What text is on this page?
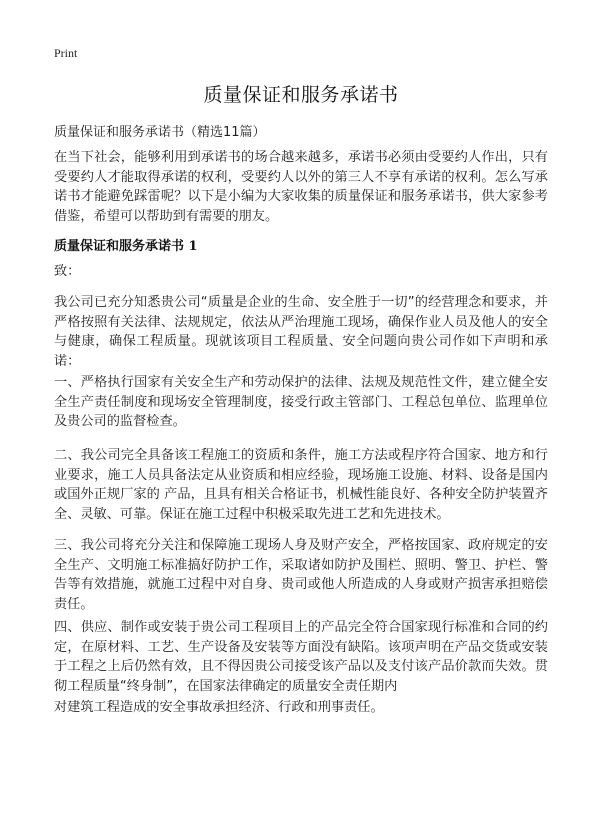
Print
质量保证和服务承诺书
质量保证和服务承诺书（精选11篇）

在当下社会，能够利用到承诺书的场合越来越多，承诺书必须由受要约人作出，只有受要约人才能取得承诺的权利，受要约人以外的第三人不享有承诺的权利。怎么写承诺书才能避免踩雷呢？以下是小编为大家收集的质量保证和服务承诺书，供大家参考借鉴，希望可以帮助到有需要的朋友。

质量保证和服务承诺书 1

致：

我公司已充分知悉贵公司“质量是企业的生命、安全胜于一切”的经营理念和要求，并严格按照有关法律、法规规定，依法从严治理施工现场，确保作业人员及他人的安全与健康，确保工程质量。现就该项目工程质量、安全问题向贵公司作如下声明和承诺：

一、严格执行国家有关安全生产和劳动保护的法律、法规及规范性文件，建立健全安全生产责任制度和现场安全管理制度，接受行政主管部门、工程总包单位、监理单位及贵公司的监督检查。

二、我公司完全具备该工程施工的资质和条件，施工方法或程序符合国家、地方和行业要求，施工人员具备法定从业资质和相应经验，现场施工设施、材料、设备是国内或国外正规厂家的 产品，且具有相关合格证书，机械性能良好、各种安全防护装置齐全、灵敏、可靠。保证在施工过程中积极采取先进工艺和先进技术。

三、我公司将充分关注和保障施工现场人身及财产安全，严格按国家、政府规定的安全生产、文明施工标准搞好防护工作，采取诸如防护及围栏、照明、警卫、护栏、警告等有效措施，就施工过程中对自身、贵司或他人所造成的人身或财产损害承担赔偿责任。

四、供应、制作或安装于贵公司工程项目上的产品完全符合国家现行标准和合同的约定，在原材料、工艺、生产设备及安装等方面没有缺陷。该项声明在产品交货或安装于工程之上后仍然有效，且不得因贵公司接受该产品以及支付该产品价款而失效。贯彻工程质量“终身制”，在国家法律确定的质量安全责任期内

对建筑工程造成的安全事故承担经济、行政和刑事责任。
